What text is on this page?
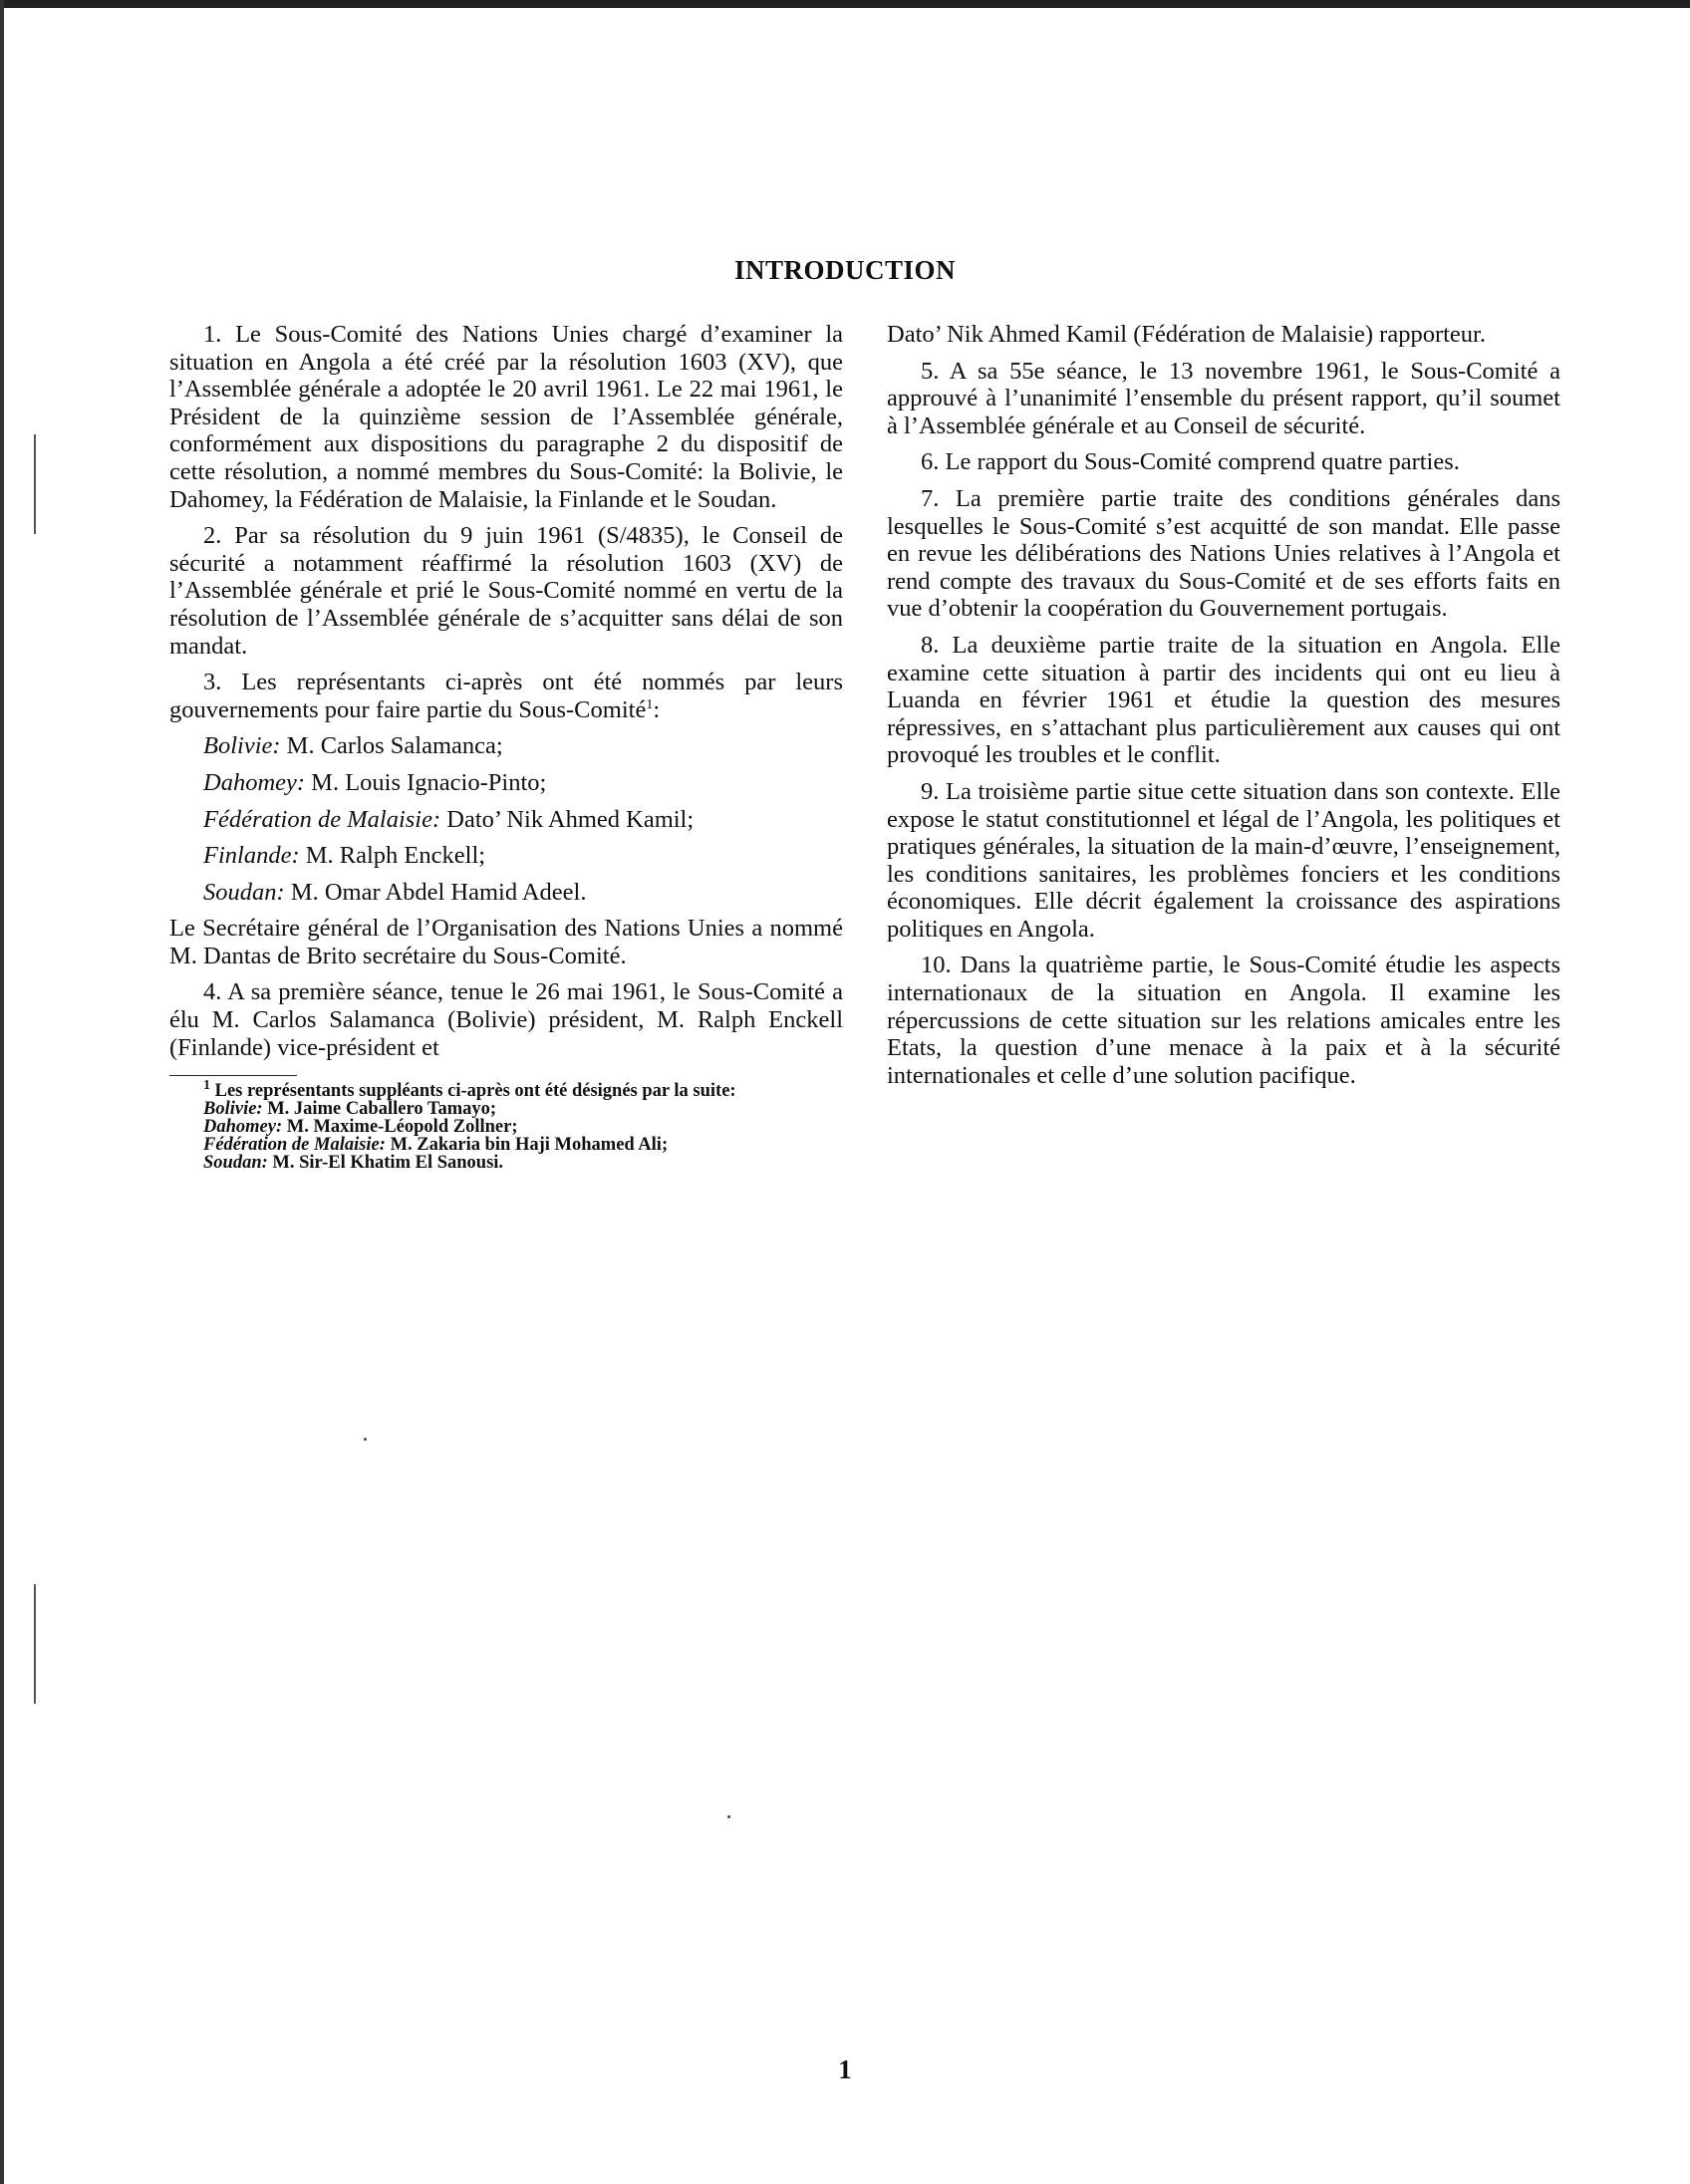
INTRODUCTION

1. Le Sous-Comité des Nations Unies chargé d’examiner la situation en Angola a été créé par la résolution 1603 (XV), que l’Assemblée générale a adoptée le 20 avril 1961. Le 22 mai 1961, le Président de la quinzième session de l’Assemblée générale, conformément aux dispositions du paragraphe 2 du dispositif de cette résolution, a nommé membres du Sous-Comité: la Bolivie, le Dahomey, la Fédération de Malaisie, la Finlande et le Soudan.

2. Par sa résolution du 9 juin 1961 (S/4835), le Conseil de sécurité a notamment réaffirmé la résolution 1603 (XV) de l’Assemblée générale et prié le Sous-Comité nommé en vertu de la résolution de l’Assemblée générale de s’acquitter sans délai de son mandat.

3. Les représentants ci-après ont été nommés par leurs gouvernements pour faire partie du Sous-Comité$^1$:

Bolivie: M. Carlos Salamanca;
Dahomey: M. Louis Ignacio-Pinto;
Fédération de Malaisie: Dato’ Nik Ahmed Kamil;
Finlande: M. Ralph Enckell;
Soudan: M. Omar Abdel Hamid Adeel.

Le Secrétaire général de l’Organisation des Nations Unies a nommé M. Dantas de Brito secrétaire du Sous-Comité.

4. A sa première séance, tenue le 26 mai 1961, le Sous-Comité a élu M. Carlos Salamanca (Bolivie) président, M. Ralph Enckell (Finlande) vice-président et

$^1$ Les représentants suppléants ci-après ont été désignés par la suite:

Bolivie: M. Jaime Caballero Tamayo;
Dahomey: M. Maxime-Léopold Zollner;
Fédération de Malaisie: M. Zakaria bin Haji Mohamed Ali;
Soudan: M. Sir-El Khatim El Sanousi.

Dato’ Nik Ahmed Kamil (Fédération de Malaisie) rapporteur.

5. A sa 55e séance, le 13 novembre 1961, le Sous-Comité a approuvé à l’unanimité l’ensemble du présent rapport, qu’il soumet à l’Assemblée générale et au Conseil de sécurité.

6. Le rapport du Sous-Comité comprend quatre parties.

7. La première partie traite des conditions générales dans lesquelles le Sous-Comité s’est acquitté de son mandat. Elle passe en revue les délibérations des Nations Unies relatives à l’Angola et rend compte des travaux du Sous-Comité et de ses efforts faits en vue d’obtenir la coopération du Gouvernement portugais.

8. La deuxième partie traite de la situation en Angola. Elle examine cette situation à partir des incidents qui ont eu lieu à Luanda en février 1961 et étudie la question des mesures répressives, en s’attachant plus particulièrement aux causes qui ont provoqué les troubles et le conflit.

9. La troisième partie situe cette situation dans son contexte. Elle expose le statut constitutionnel et légal de l’Angola, les politiques et pratiques générales, la situation de la main-d’œuvre, l’enseignement, les conditions sanitaires, les problèmes fonciers et les conditions économiques. Elle décrit également la croissance des aspirations politiques en Angola.

10. Dans la quatrième partie, le Sous-Comité étudie les aspects internationaux de la situation en Angola. Il examine les répercussions de cette situation sur les relations amicales entre les Etats, la question d’une menace à la paix et à la sécurité internationales et celle d’une solution pacifique.

1
